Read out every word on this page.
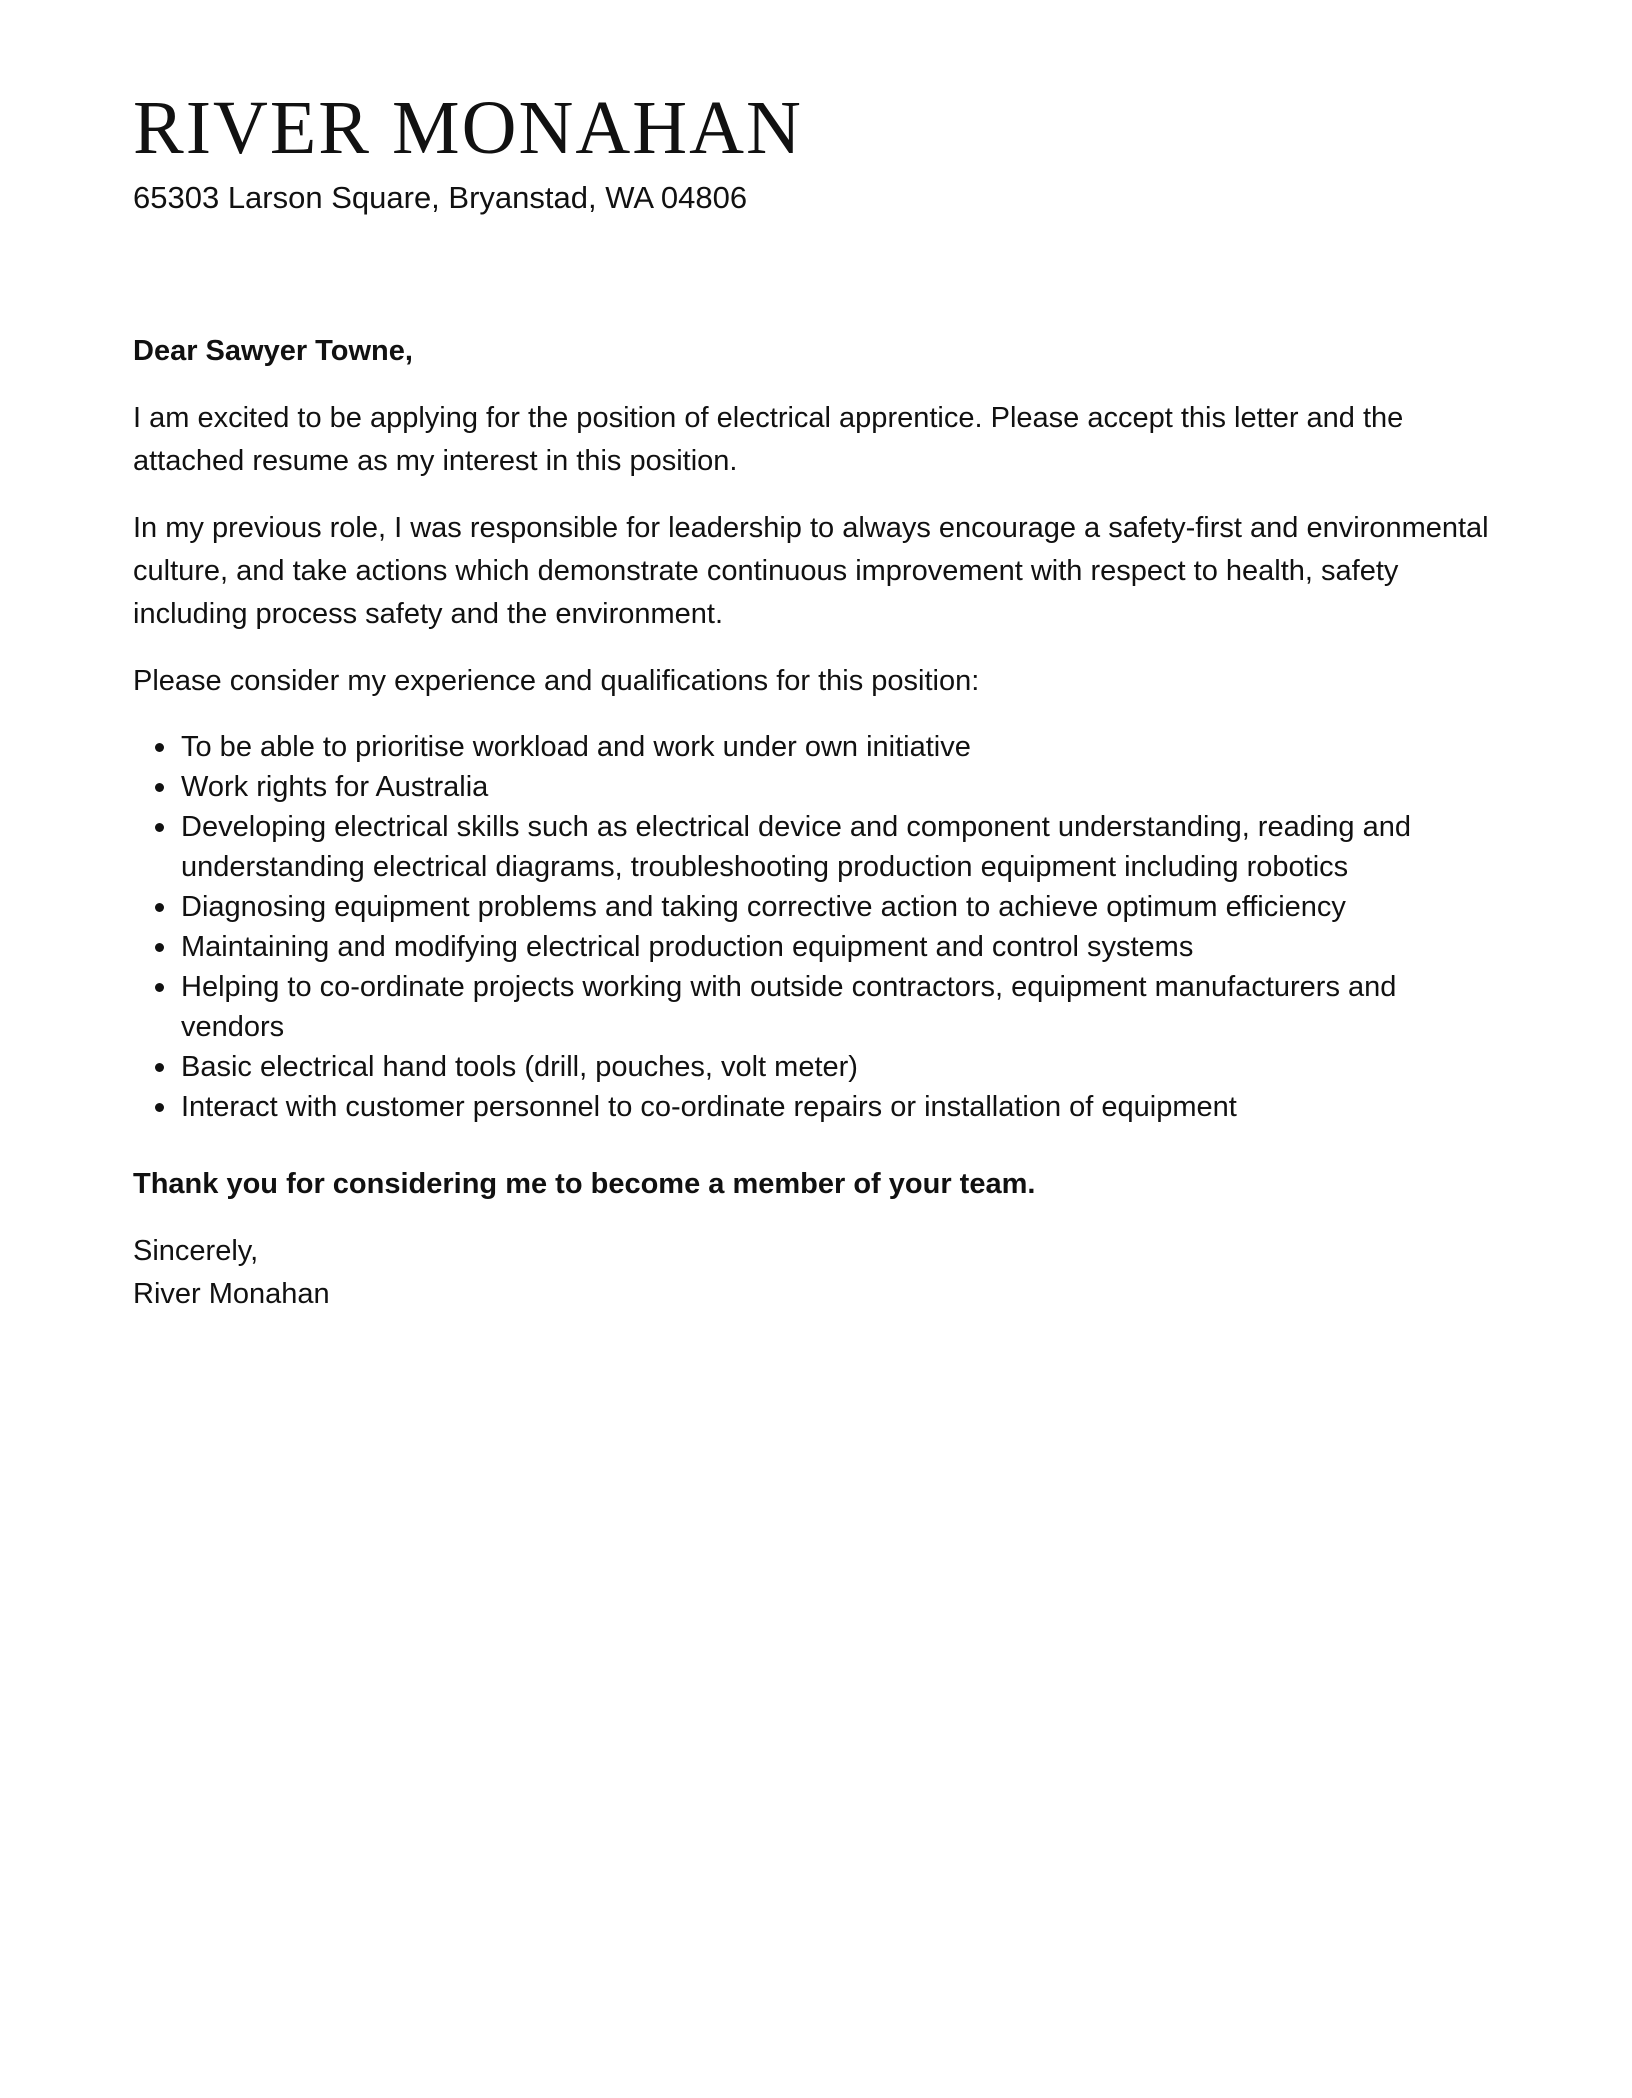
RIVER MONAHAN
65303 Larson Square, Bryanstad, WA 04806

Dear Sawyer Towne,

I am excited to be applying for the position of electrical apprentice. Please accept this letter and the attached resume as my interest in this position.

In my previous role, I was responsible for leadership to always encourage a safety-first and environmental culture, and take actions which demonstrate continuous improvement with respect to health, safety including process safety and the environment.

Please consider my experience and qualifications for this position:

To be able to prioritise workload and work under own initiative
Work rights for Australia
Developing electrical skills such as electrical device and component understanding, reading and understanding electrical diagrams, troubleshooting production equipment including robotics
Diagnosing equipment problems and taking corrective action to achieve optimum efficiency
Maintaining and modifying electrical production equipment and control systems
Helping to co-ordinate projects working with outside contractors, equipment manufacturers and vendors
Basic electrical hand tools (drill, pouches, volt meter)
Interact with customer personnel to co-ordinate repairs or installation of equipment

Thank you for considering me to become a member of your team.

Sincerely,

River Monahan
